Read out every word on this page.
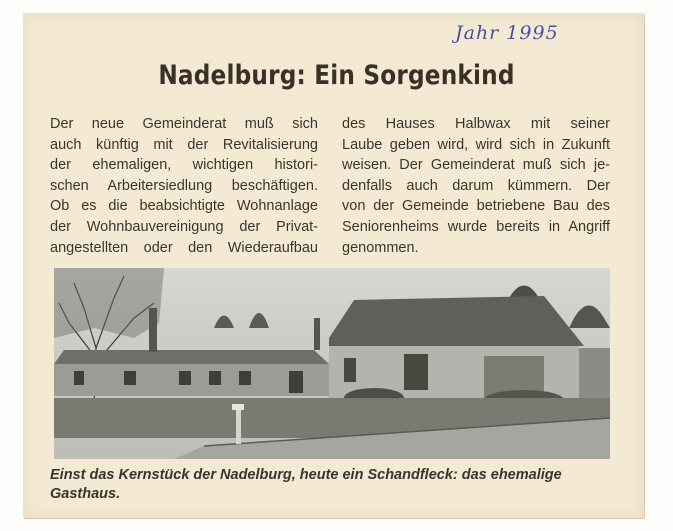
Jahr 1995
Nadelburg: Ein Sorgenkind
Der neue Gemeinderat muß sich
auch künftig mit der Revitalisierung
der ehemaligen, wichtigen histori-
schen Arbeitersiedlung beschäftigen.
Ob es die beabsichtigte Wohnanlage
der Wohnbauvereinigung der Privat-
angestellten oder den Wiederaufbau
des Hauses Halbwax mit seiner
Laube geben wird, wird sich in Zukunft
weisen. Der Gemeinderat muß sich je-
denfalls auch darum kümmern. Der
von der Gemeinde betriebene Bau des
Seniorenheims wurde bereits in Angriff
genommen.
Einst das Kernstück der Nadelburg, heute ein Schandfleck: das ehemalige
Gasthaus.
